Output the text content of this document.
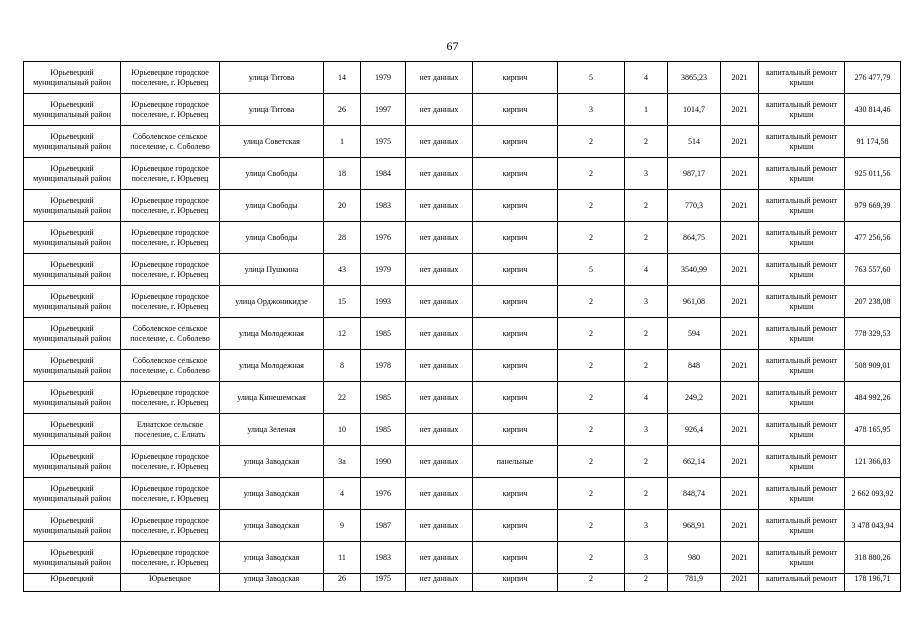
67
Юрьевецкий муниципальный район	Юрьевецкое городское поселение, г. Юрьевец	улица Титова	14	1979	нет данных	кирпич	5	4	3865,23	2021	капитальный ремонт крыши	276 477,79
Юрьевецкий муниципальный район	Юрьевецкое городское поселение, г. Юрьевец	улица Титова	26	1997	нет данных	кирпич	3	1	1014,7	2021	капитальный ремонт крыши	430 814,46
Юрьевецкий муниципальный район	Соболевское сельское поселение, с. Соболево	улица Советская	1	1975	нет данных	кирпич	2	2	514	2021	капитальный ремонт крыши	91 174,58
Юрьевецкий муниципальный район	Юрьевецкое городское поселение, г. Юрьевец	улица Свободы	18	1984	нет данных	кирпич	2	3	987,17	2021	капитальный ремонт крыши	925 011,56
Юрьевецкий муниципальный район	Юрьевецкое городское поселение, г. Юрьевец	улица Свободы	20	1983	нет данных	кирпич	2	2	770,3	2021	капитальный ремонт крыши	979 669,39
Юрьевецкий муниципальный район	Юрьевецкое городское поселение, г. Юрьевец	улица Свободы	28	1976	нет данных	кирпич	2	2	864,75	2021	капитальный ремонт крыши	477 256,56
Юрьевецкий муниципальный район	Юрьевецкое городское поселение, г. Юрьевец	улица Пушкина	43	1979	нет данных	кирпич	5	4	3540,99	2021	капитальный ремонт крыши	763 557,60
Юрьевецкий муниципальный район	Юрьевецкое городское поселение, г. Юрьевец	улица Орджоникидзе	15	1993	нет данных	кирпич	2	3	961,08	2021	капитальный ремонт крыши	207 238,08
Юрьевецкий муниципальный район	Соболевское сельское поселение, с. Соболево	улица Молодежная	12	1985	нет данных	кирпич	2	2	594	2021	капитальный ремонт крыши	778 329,53
Юрьевецкий муниципальный район	Соболевское сельское поселение, с. Соболево	улица Молодежная	8	1978	нет данных	кирпич	2	2	848	2021	капитальный ремонт крыши	508 909,01
Юрьевецкий муниципальный район	Юрьевецкое городское поселение, г. Юрьевец	улица Кинешемская	22	1985	нет данных	кирпич	2	4	249,2	2021	капитальный ремонт крыши	484 992,26
Юрьевецкий муниципальный район	Елнатское сельское поселение, с. Елнать	улица Зеленая	10	1985	нет данных	кирпич	2	3	926,4	2021	капитальный ремонт крыши	478 165,95
Юрьевецкий муниципальный район	Юрьевецкое городское поселение, г. Юрьевец	улица Заводская	3а	1990	нет данных	панельные	2	2	662,14	2021	капитальный ремонт крыши	121 366,83
Юрьевецкий муниципальный район	Юрьевецкое городское поселение, г. Юрьевец	улица Заводская	4	1976	нет данных	кирпич	2	2	848,74	2021	капитальный ремонт крыши	2 662 093,92
Юрьевецкий муниципальный район	Юрьевецкое городское поселение, г. Юрьевец	улица Заводская	9	1987	нет данных	кирпич	2	3	968,91	2021	капитальный ремонт крыши	3 478 043,94
Юрьевецкий муниципальный район	Юрьевецкое городское поселение, г. Юрьевец	улица Заводская	11	1983	нет данных	кирпич	2	3	980	2021	капитальный ремонт крыши	318 880,26
Юрьевецкий	Юрьевецкое	улица Заводская	26	1975	нет данных	кирпич	2	2	781,9	2021	капитальный ремонт	178 196,71
